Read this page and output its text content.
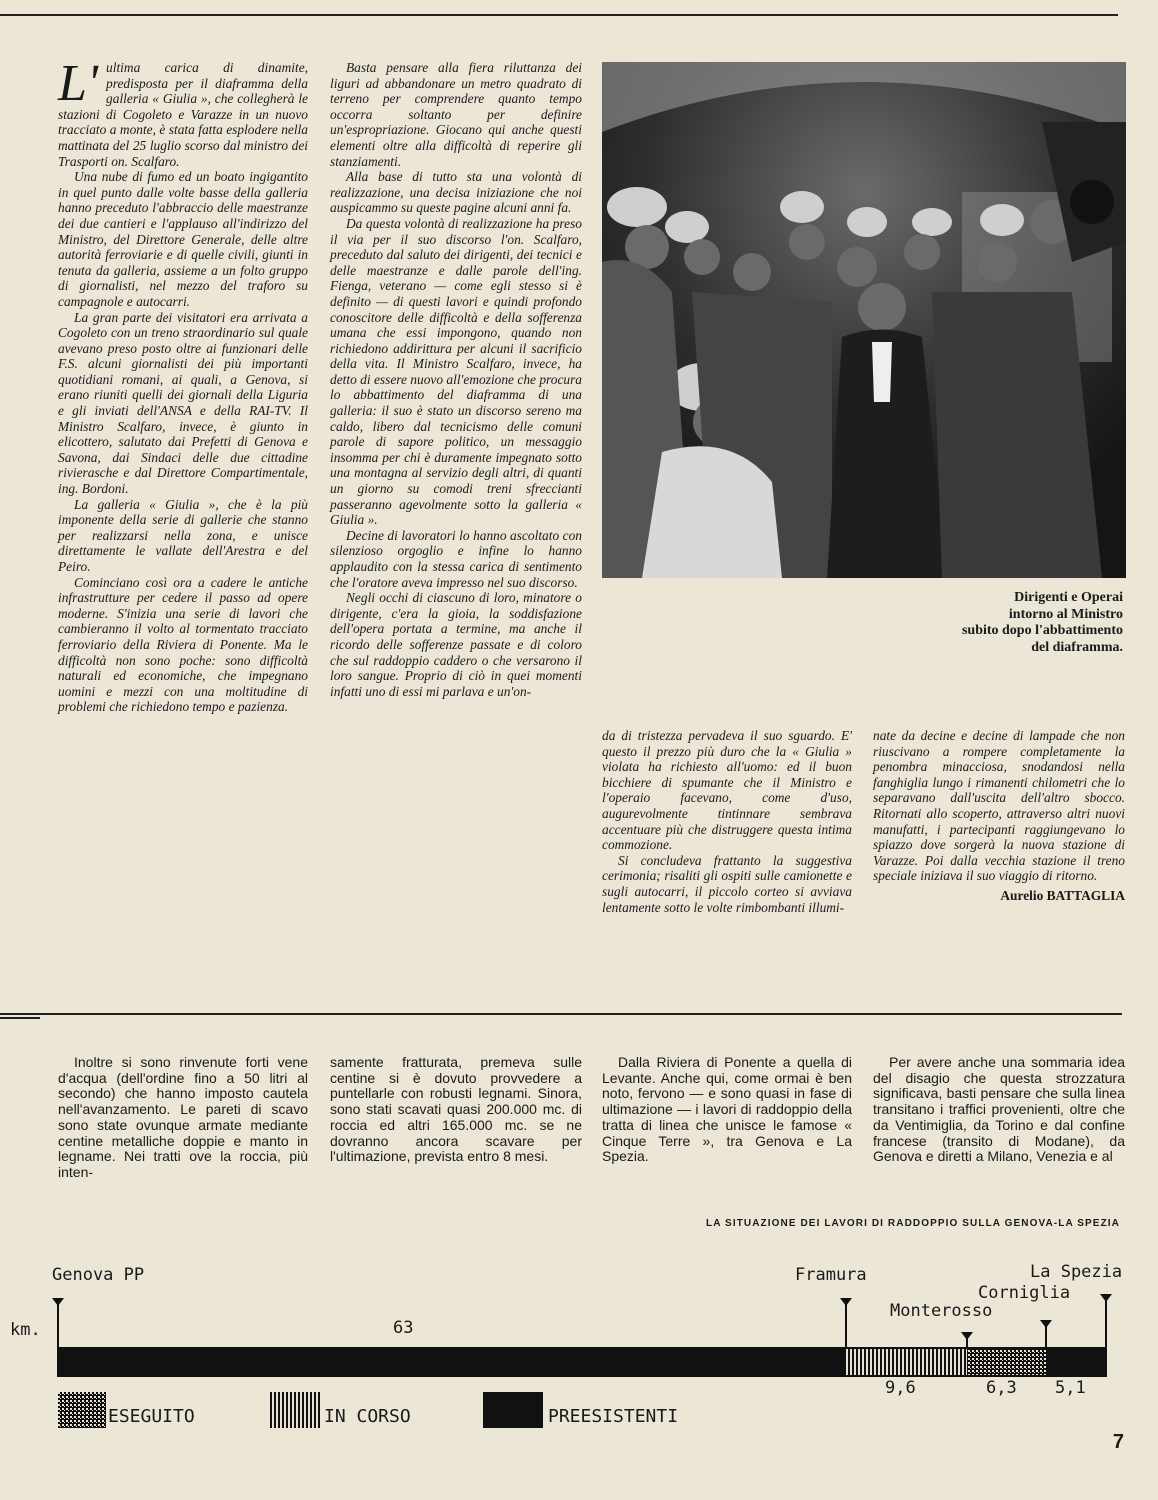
L' ultima carica di dinamite, predisposta per il diaframma della galleria « Giulia », che collegherà le stazioni di Cogoleto e Varazze in un nuovo tracciato a monte, è stata fatta esplodere nella mattinata del 25 luglio scorso dal ministro dei Trasporti on. Scalfaro.

Una nube di fumo ed un boato ingigantito in quel punto dalle volte basse della galleria hanno preceduto l'abbraccio delle maestranze dei due cantieri e l'applauso all'indirizzo del Ministro, del Direttore Generale, delle altre autorità ferroviarie e di quelle civili, giunti in tenuta da galleria, assieme a un folto gruppo di giornalisti, nel mezzo del traforo su campagnole e autocarri.

La gran parte dei visitatori era arrivata a Cogoleto con un treno straordinario sul quale avevano preso posto oltre ai funzionari delle F.S. alcuni giornalisti dei più importanti quotidiani romani, ai quali, a Genova, si erano riuniti quelli dei giornali della Liguria e gli inviati dell'ANSA e della RAI-TV. Il Ministro Scalfaro, invece, è giunto in elicottero, salutato dai Prefetti di Genova e Savona, dai Sindaci delle due cittadine rivierasche e dal Direttore Compartimentale, ing. Bordoni.

La galleria « Giulia », che è la più imponente della serie di gallerie che stanno per realizzarsi nella zona, e unisce direttamente le vallate dell'Arestra e del Peiro.

Cominciano così ora a cadere le antiche infrastrutture per cedere il passo ad opere moderne. S'inizia una serie di lavori che cambieranno il volto al tormentato tracciato ferroviario della Riviera di Ponente. Ma le difficoltà non sono poche: sono difficoltà naturali ed economiche, che impegnano uomini e mezzi con una moltitudine di problemi che richiedono tempo e pazienza.

Basta pensare alla fiera riluttanza dei liguri ad abbandonare un metro quadrato di terreno per comprendere quanto tempo occorra soltanto per definire un'espropriazione. Giocano qui anche questi elementi oltre alla difficoltà di reperire gli stanziamenti.

Alla base di tutto sta una volontà di realizzazione, una decisa iniziazione che noi auspicammo su queste pagine alcuni anni fa.

Da questa volontà di realizzazione ha preso il via per il suo discorso l'on. Scalfaro, preceduto dal saluto dei dirigenti, dei tecnici e delle maestranze e dalle parole dell'ing. Fienga, veterano — come egli stesso si è definito — di questi lavori e quindi profondo conoscitore delle difficoltà e della sofferenza umana che essi impongono, quando non richiedono addirittura per alcuni il sacrificio della vita. Il Ministro Scalfaro, invece, ha detto di essere nuovo all'emozione che procura lo abbattimento del diaframma di una galleria: il suo è stato un discorso sereno ma caldo, libero dal tecnicismo delle comuni parole di sapore politico, un messaggio insomma per chi è duramente impegnato sotto una montagna al servizio degli altri, di quanti un giorno su comodi treni sfreccianti passeranno agevolmente sotto la galleria « Giulia ».

Decine di lavoratori lo hanno ascoltato con silenzioso orgoglio e infine lo hanno applaudito con la stessa carica di sentimento che l'oratore aveva impresso nel suo discorso.

Negli occhi di ciascuno di loro, minatore o dirigente, c'era la gioia, la soddisfazione dell'opera portata a termine, ma anche il ricordo delle sofferenze passate e di coloro che sul raddoppio caddero o che versarono il loro sangue. Proprio di ciò in quei momenti infatti uno di essi mi parlava e un'on-

Dirigenti e Operai
intorno al Ministro
subito dopo l'abbattimento
del diaframma.

da di tristezza pervadeva il suo sguardo. E' questo il prezzo più duro che la « Giulia » violata ha richiesto all'uomo: ed il buon bicchiere di spumante che il Ministro e l'operaio facevano, come d'uso, augurevolmente tintinnare sembrava accentuare più che distruggere questa intima commozione.

Si concludeva frattanto la suggestiva cerimonia; risaliti gli ospiti sulle camionette e sugli autocarri, il piccolo corteo si avviava lentamente sotto le volte rimbombanti illumi-

nate da decine e decine di lampade che non riuscivano a rompere completamente la penombra minacciosa, snodandosi nella fanghiglia lungo i rimanenti chilometri che lo separavano dall'uscita dell'altro sbocco. Ritornati allo scoperto, attraverso altri nuovi manufatti, i partecipanti raggiungevano lo spiazzo dove sorgerà la nuova stazione di Varazze. Poi dalla vecchia stazione il treno speciale iniziava il suo viaggio di ritorno.

Aurelio BATTAGLIA

Inoltre si sono rinvenute forti vene d'acqua (dell'ordine fino a 50 litri al secondo) che hanno imposto cautela nell'avanzamento. Le pareti di scavo sono state ovunque armate mediante centine metalliche doppie e manto in legname. Nei tratti ove la roccia, più inten-

samente fratturata, premeva sulle centine si è dovuto provvedere a puntellarle con robusti legnami. Sinora, sono stati scavati quasi 200.000 mc. di roccia ed altri 165.000 mc. se ne dovranno ancora scavare per l'ultimazione, prevista entro 8 mesi.

Dalla Riviera di Ponente a quella di Levante. Anche qui, come ormai è ben noto, fervono — e sono quasi in fase di ultimazione — i lavori di raddoppio della tratta di linea che unisce le famose « Cinque Terre », tra Genova e La Spezia.

Per avere anche una sommaria idea del disagio che questa strozzatura significava, basti pensare che sulla linea transitano i traffici provenienti, oltre che da Ventimiglia, da Torino e dal confine francese (transito di Modane), da Genova e diretti a Milano, Venezia e al

LA SITUAZIONE DEI LAVORI DI RADDOPPIO SULLA GENOVA-LA SPEZIA
Genova PP	Framura
Monterosso
Corniglia
La Spezia
km.	63
9,6	6,3 5,1
ESEGUITO	IN CORSO	PREESISTENTI
7
